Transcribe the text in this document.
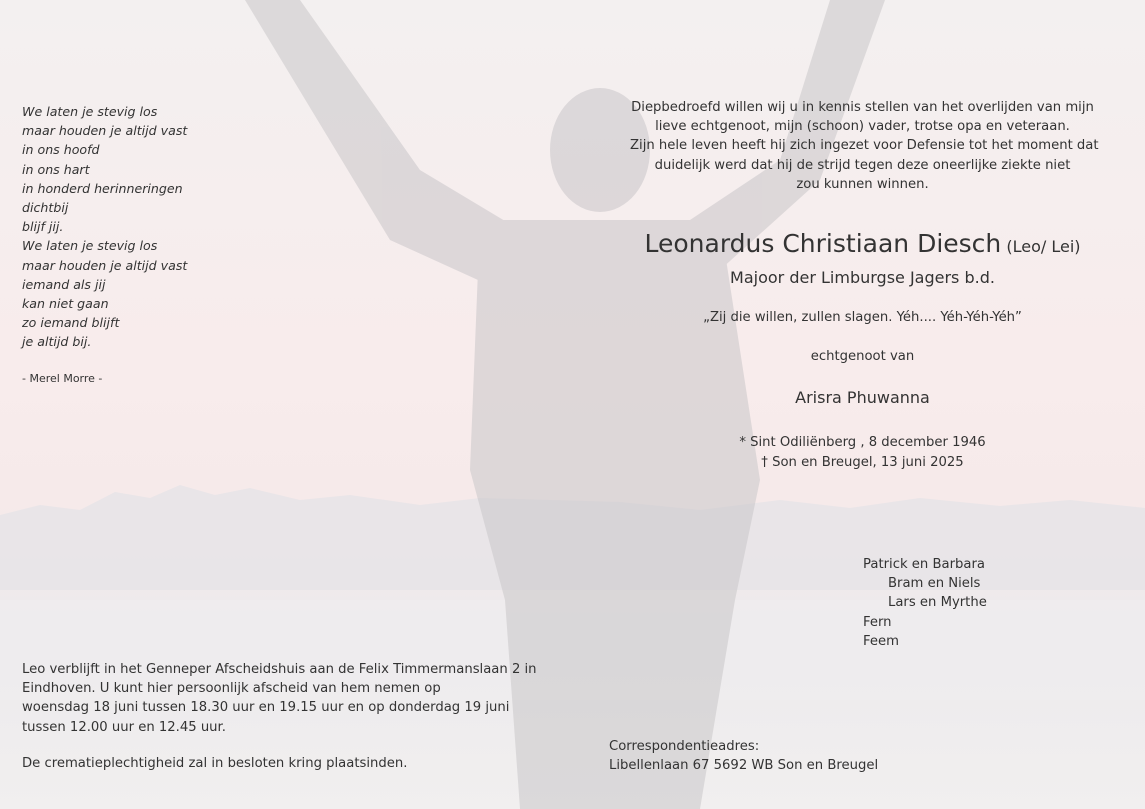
We laten je stevig los
maar houden je altijd vast
in ons hoofd
in ons hart
in honderd herinneringen
dichtbij
blijf jij.
We laten je stevig los
maar houden je altijd vast
iemand als jij
kan niet gaan
zo iemand blijft
je altijd bij.
- Merel Morre -
Diepbedroefd willen wij u in kennis stellen van het overlijden van mijn
lieve echtgenoot, mijn (schoon) vader, trotse opa en veteraan.
Zijn hele leven heeft hij zich ingezet voor Defensie tot het moment dat
duidelijk werd dat hij de strijd tegen deze oneerlijke ziekte niet
zou kunnen winnen.
Leonardus Christiaan Diesch (Leo/ Lei)
Majoor der Limburgse Jagers b.d.
„Zij die willen, zullen slagen. Yéh.... Yéh-Yéh-Yéh”
echtgenoot van
Arisra Phuwanna
* Sint Odiliënberg , 8 december 1946
† Son en Breugel, 13 juni 2025
Patrick en Barbara
Bram en Niels
Lars en Myrthe
Fern
Feem
Leo verblijft in het Genneper Afscheidshuis aan de Felix Timmermanslaan 2 in
Eindhoven. U kunt hier persoonlijk afscheid van hem nemen op
woensdag 18 juni tussen 18.30 uur en 19.15 uur en op donderdag 19 juni
tussen 12.00 uur en 12.45 uur.
De crematieplechtigheid zal in besloten kring plaatsinden.
Correspondentieadres:
Libellenlaan 67 5692 WB Son en Breugel
